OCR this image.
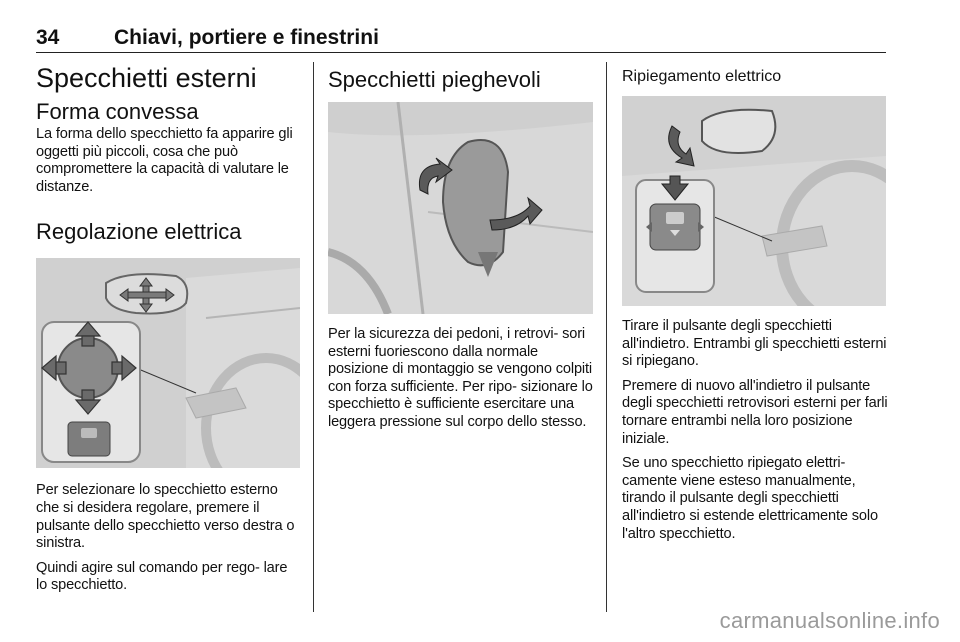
34	Chiavi, portiere e finestrini
Specchietti esterni
Forma convessa

La forma dello specchietto fa apparire gli oggetti più piccoli, cosa che può compromettere la capacità di valutare le distanze.

Regolazione elettrica

Per selezionare lo specchietto esterno che si desidera regolare, premere il pulsante dello specchietto verso destra o sinistra.

Quindi agire sul comando per rego- lare lo specchietto.

Specchietti pieghevoli

Per la sicurezza dei pedoni, i retrovi- sori esterni fuoriescono dalla normale posizione di montaggio se vengono colpiti con forza sufficiente. Per ripo- sizionare lo specchietto è sufficiente esercitare una leggera pressione sul corpo dello stesso.

Ripiegamento elettrico

Tirare il pulsante degli specchietti all'indietro. Entrambi gli specchietti esterni si ripiegano.

Premere di nuovo all'indietro il pulsante degli specchietti retrovisori esterni per farli tornare entrambi nella loro posizione iniziale.

Se uno specchietto ripiegato elettri- camente viene esteso manualmente, tirando il pulsante degli specchietti all'indietro si estende elettricamente solo l'altro specchietto.

carmanualsonline.info
